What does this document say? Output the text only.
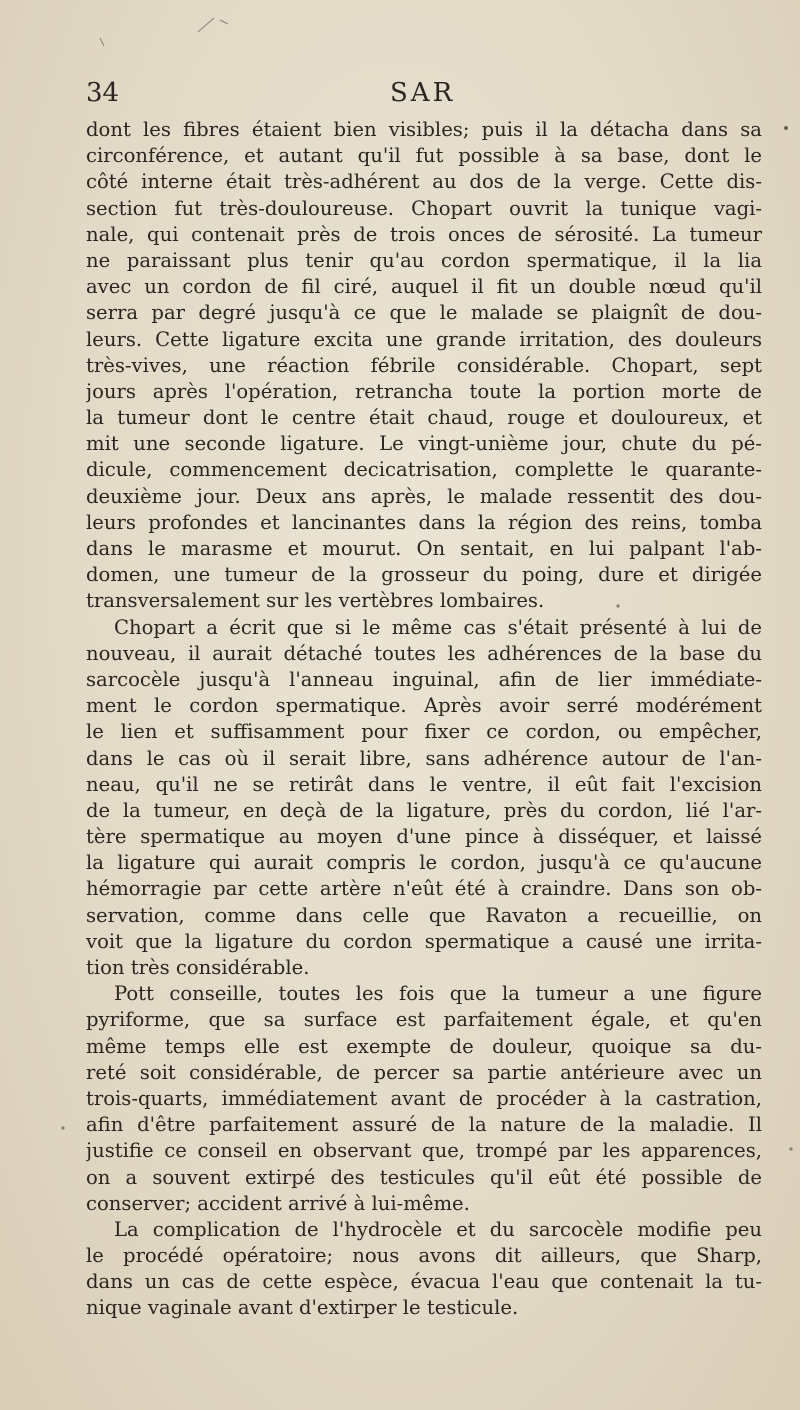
34	SAR
dont les fibres étaient bien visibles; puis il la détacha dans sa
circonférence, et autant qu'il fut possible à sa base, dont le
côté interne était très-adhérent au dos de la verge. Cette dis-
section fut très-douloureuse. Chopart ouvrit la tunique vagi-
nale, qui contenait près de trois onces de sérosité. La tumeur
ne paraissant plus tenir qu'au cordon spermatique, il la lia
avec un cordon de fil ciré, auquel il fit un double nœud qu'il
serra par degré jusqu'à ce que le malade se plaignît de dou-
leurs. Cette ligature excita une grande irritation, des douleurs
très-vives, une réaction fébrile considérable. Chopart, sept
jours après l'opération, retrancha toute la portion morte de
la tumeur dont le centre était chaud, rouge et douloureux, et
mit une seconde ligature. Le vingt-unième jour, chute du pé-
dicule, commencement decicatrisation, complette le quarante-
deuxième jour. Deux ans après, le malade ressentit des dou-
leurs profondes et lancinantes dans la région des reins, tomba
dans le marasme et mourut. On sentait, en lui palpant l'ab-
domen, une tumeur de la grosseur du poing, dure et dirigée
transversalement sur les vertèbres lombaires.
Chopart a écrit que si le même cas s'était présenté à lui de
nouveau, il aurait détaché toutes les adhérences de la base du
sarcocèle jusqu'à l'anneau inguinal, afin de lier immédiate-
ment le cordon spermatique. Après avoir serré modérément
le lien et suffisamment pour fixer ce cordon, ou empêcher,
dans le cas où il serait libre, sans adhérence autour de l'an-
neau, qu'il ne se retirât dans le ventre, il eût fait l'excision
de la tumeur, en deçà de la ligature, près du cordon, lié l'ar-
tère spermatique au moyen d'une pince à disséquer, et laissé
la ligature qui aurait compris le cordon, jusqu'à ce qu'aucune
hémorragie par cette artère n'eût été à craindre. Dans son ob-
servation, comme dans celle que Ravaton a recueillie, on
voit que la ligature du cordon spermatique a causé une irrita-
tion très considérable.
Pott conseille, toutes les fois que la tumeur a une figure
pyriforme, que sa surface est parfaitement égale, et qu'en
même temps elle est exempte de douleur, quoique sa du-
reté soit considérable, de percer sa partie antérieure avec un
trois-quarts, immédiatement avant de procéder à la castration,
afin d'être parfaitement assuré de la nature de la maladie. Il
justifie ce conseil en observant que, trompé par les apparences,
on a souvent extirpé des testicules qu'il eût été possible de
conserver; accident arrivé à lui-même.
La complication de l'hydrocèle et du sarcocèle modifie peu
le procédé opératoire; nous avons dit ailleurs, que Sharp,
dans un cas de cette espèce, évacua l'eau que contenait la tu-
nique vaginale avant d'extirper le testicule.
